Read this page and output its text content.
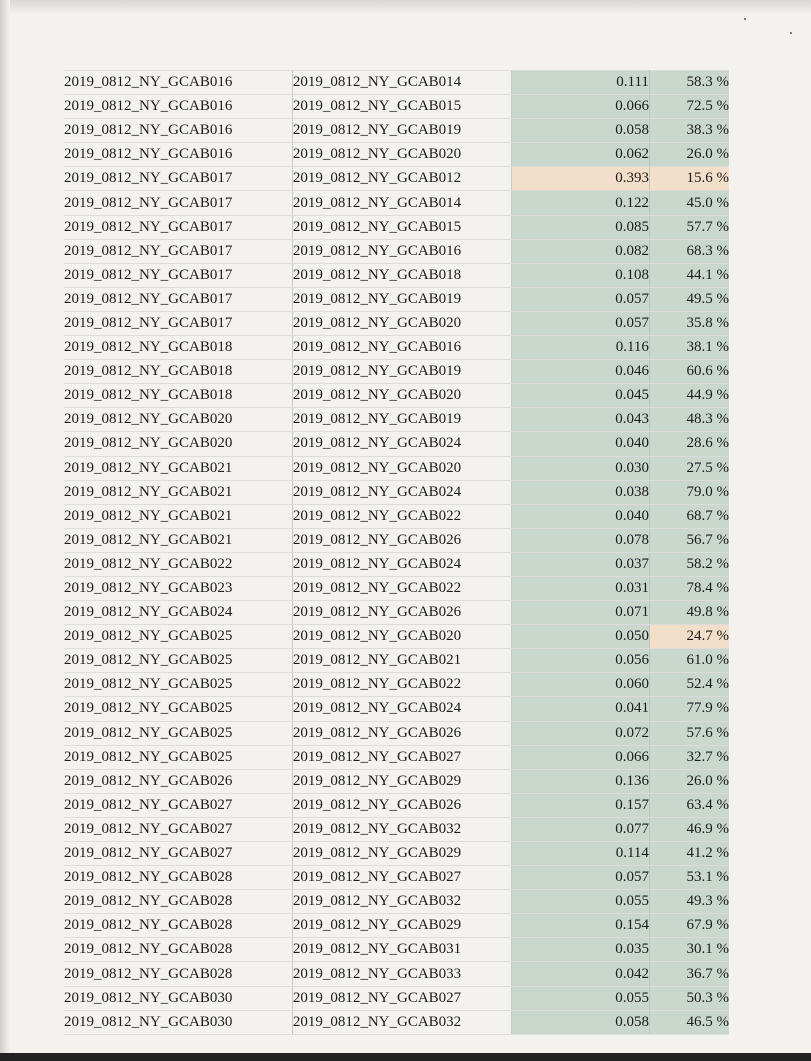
2019_0812_NY_GCAB016	2019_0812_NY_GCAB014	0.111	58.3 %
2019_0812_NY_GCAB016	2019_0812_NY_GCAB015	0.066	72.5 %
2019_0812_NY_GCAB016	2019_0812_NY_GCAB019	0.058	38.3 %
2019_0812_NY_GCAB016	2019_0812_NY_GCAB020	0.062	26.0 %
2019_0812_NY_GCAB017	2019_0812_NY_GCAB012	0.393	15.6 %
2019_0812_NY_GCAB017	2019_0812_NY_GCAB014	0.122	45.0 %
2019_0812_NY_GCAB017	2019_0812_NY_GCAB015	0.085	57.7 %
2019_0812_NY_GCAB017	2019_0812_NY_GCAB016	0.082	68.3 %
2019_0812_NY_GCAB017	2019_0812_NY_GCAB018	0.108	44.1 %
2019_0812_NY_GCAB017	2019_0812_NY_GCAB019	0.057	49.5 %
2019_0812_NY_GCAB017	2019_0812_NY_GCAB020	0.057	35.8 %
2019_0812_NY_GCAB018	2019_0812_NY_GCAB016	0.116	38.1 %
2019_0812_NY_GCAB018	2019_0812_NY_GCAB019	0.046	60.6 %
2019_0812_NY_GCAB018	2019_0812_NY_GCAB020	0.045	44.9 %
2019_0812_NY_GCAB020	2019_0812_NY_GCAB019	0.043	48.3 %
2019_0812_NY_GCAB020	2019_0812_NY_GCAB024	0.040	28.6 %
2019_0812_NY_GCAB021	2019_0812_NY_GCAB020	0.030	27.5 %
2019_0812_NY_GCAB021	2019_0812_NY_GCAB024	0.038	79.0 %
2019_0812_NY_GCAB021	2019_0812_NY_GCAB022	0.040	68.7 %
2019_0812_NY_GCAB021	2019_0812_NY_GCAB026	0.078	56.7 %
2019_0812_NY_GCAB022	2019_0812_NY_GCAB024	0.037	58.2 %
2019_0812_NY_GCAB023	2019_0812_NY_GCAB022	0.031	78.4 %
2019_0812_NY_GCAB024	2019_0812_NY_GCAB026	0.071	49.8 %
2019_0812_NY_GCAB025	2019_0812_NY_GCAB020	0.050	24.7 %
2019_0812_NY_GCAB025	2019_0812_NY_GCAB021	0.056	61.0 %
2019_0812_NY_GCAB025	2019_0812_NY_GCAB022	0.060	52.4 %
2019_0812_NY_GCAB025	2019_0812_NY_GCAB024	0.041	77.9 %
2019_0812_NY_GCAB025	2019_0812_NY_GCAB026	0.072	57.6 %
2019_0812_NY_GCAB025	2019_0812_NY_GCAB027	0.066	32.7 %
2019_0812_NY_GCAB026	2019_0812_NY_GCAB029	0.136	26.0 %
2019_0812_NY_GCAB027	2019_0812_NY_GCAB026	0.157	63.4 %
2019_0812_NY_GCAB027	2019_0812_NY_GCAB032	0.077	46.9 %
2019_0812_NY_GCAB027	2019_0812_NY_GCAB029	0.114	41.2 %
2019_0812_NY_GCAB028	2019_0812_NY_GCAB027	0.057	53.1 %
2019_0812_NY_GCAB028	2019_0812_NY_GCAB032	0.055	49.3 %
2019_0812_NY_GCAB028	2019_0812_NY_GCAB029	0.154	67.9 %
2019_0812_NY_GCAB028	2019_0812_NY_GCAB031	0.035	30.1 %
2019_0812_NY_GCAB028	2019_0812_NY_GCAB033	0.042	36.7 %
2019_0812_NY_GCAB030	2019_0812_NY_GCAB027	0.055	50.3 %
2019_0812_NY_GCAB030	2019_0812_NY_GCAB032	0.058	46.5 %
